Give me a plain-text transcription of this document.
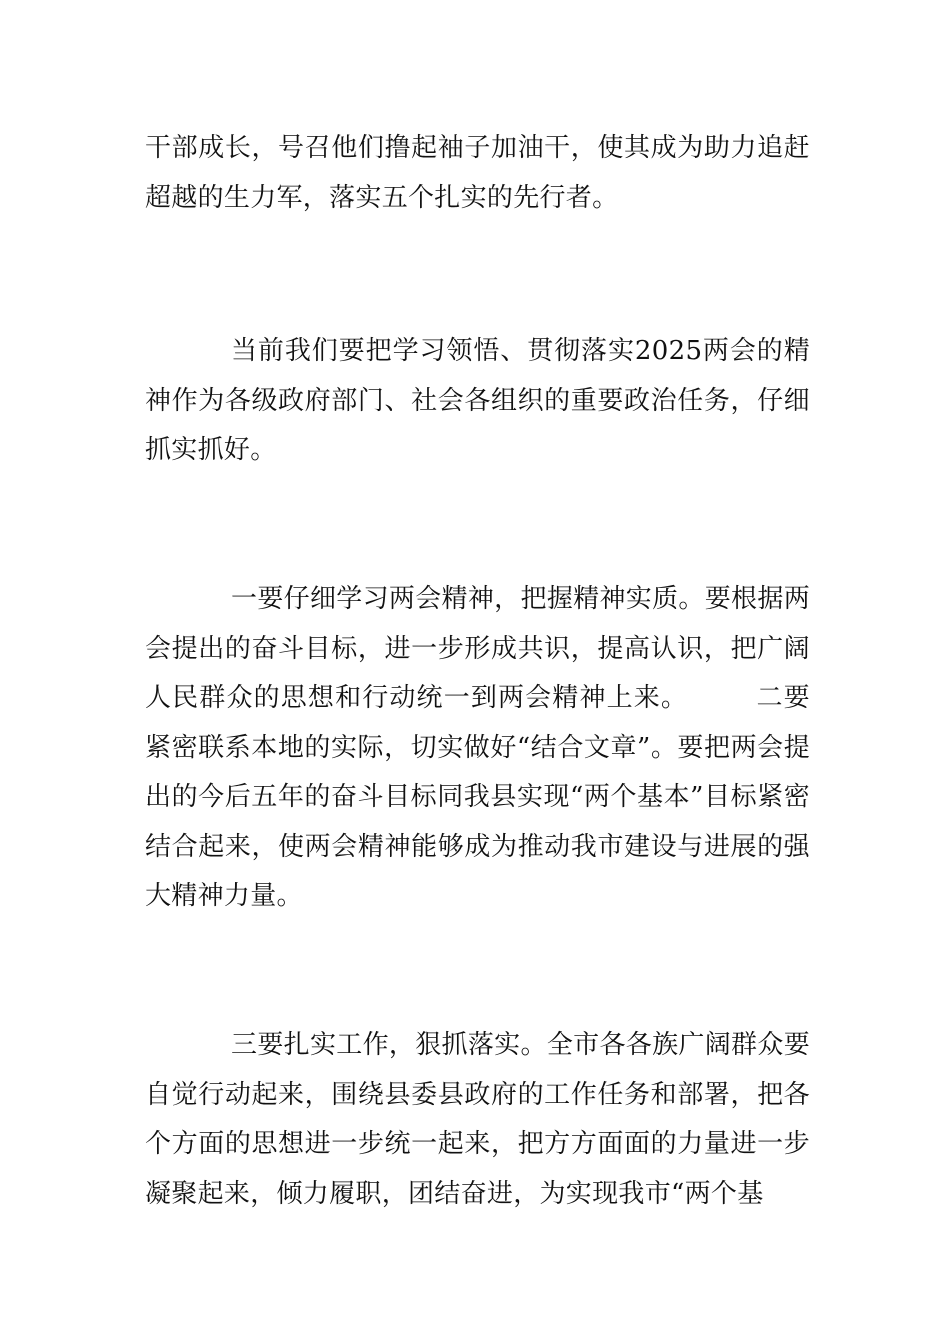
干部成长，号召他们撸起袖子加油干，使其成为助力追赶超越的生力军，落实五个扎实的先行者。

当前我们要把学习领悟、贯彻落实2025两会的精神作为各级政府部门、社会各组织的重要政治任务，仔细抓实抓好。

一要仔细学习两会精神，把握精神实质。要根据两会提出的奋斗目标，进一步形成共识，提高认识，把广阔人民群众的思想和行动统一到两会精神上来。　　　二要紧密联系本地的实际，切实做好“结合文章”。要把两会提出的今后五年的奋斗目标同我县实现“两个基本”目标紧密结合起来，使两会精神能够成为推动我市建设与进展的强大精神力量。

三要扎实工作，狠抓落实。全市各各族广阔群众要自觉行动起来，围绕县委县政府的工作任务和部署，把各个方面的思想进一步统一起来，把方方面面的力量进一步凝聚起来，倾力履职，团结奋进，为实现我市“两个基
